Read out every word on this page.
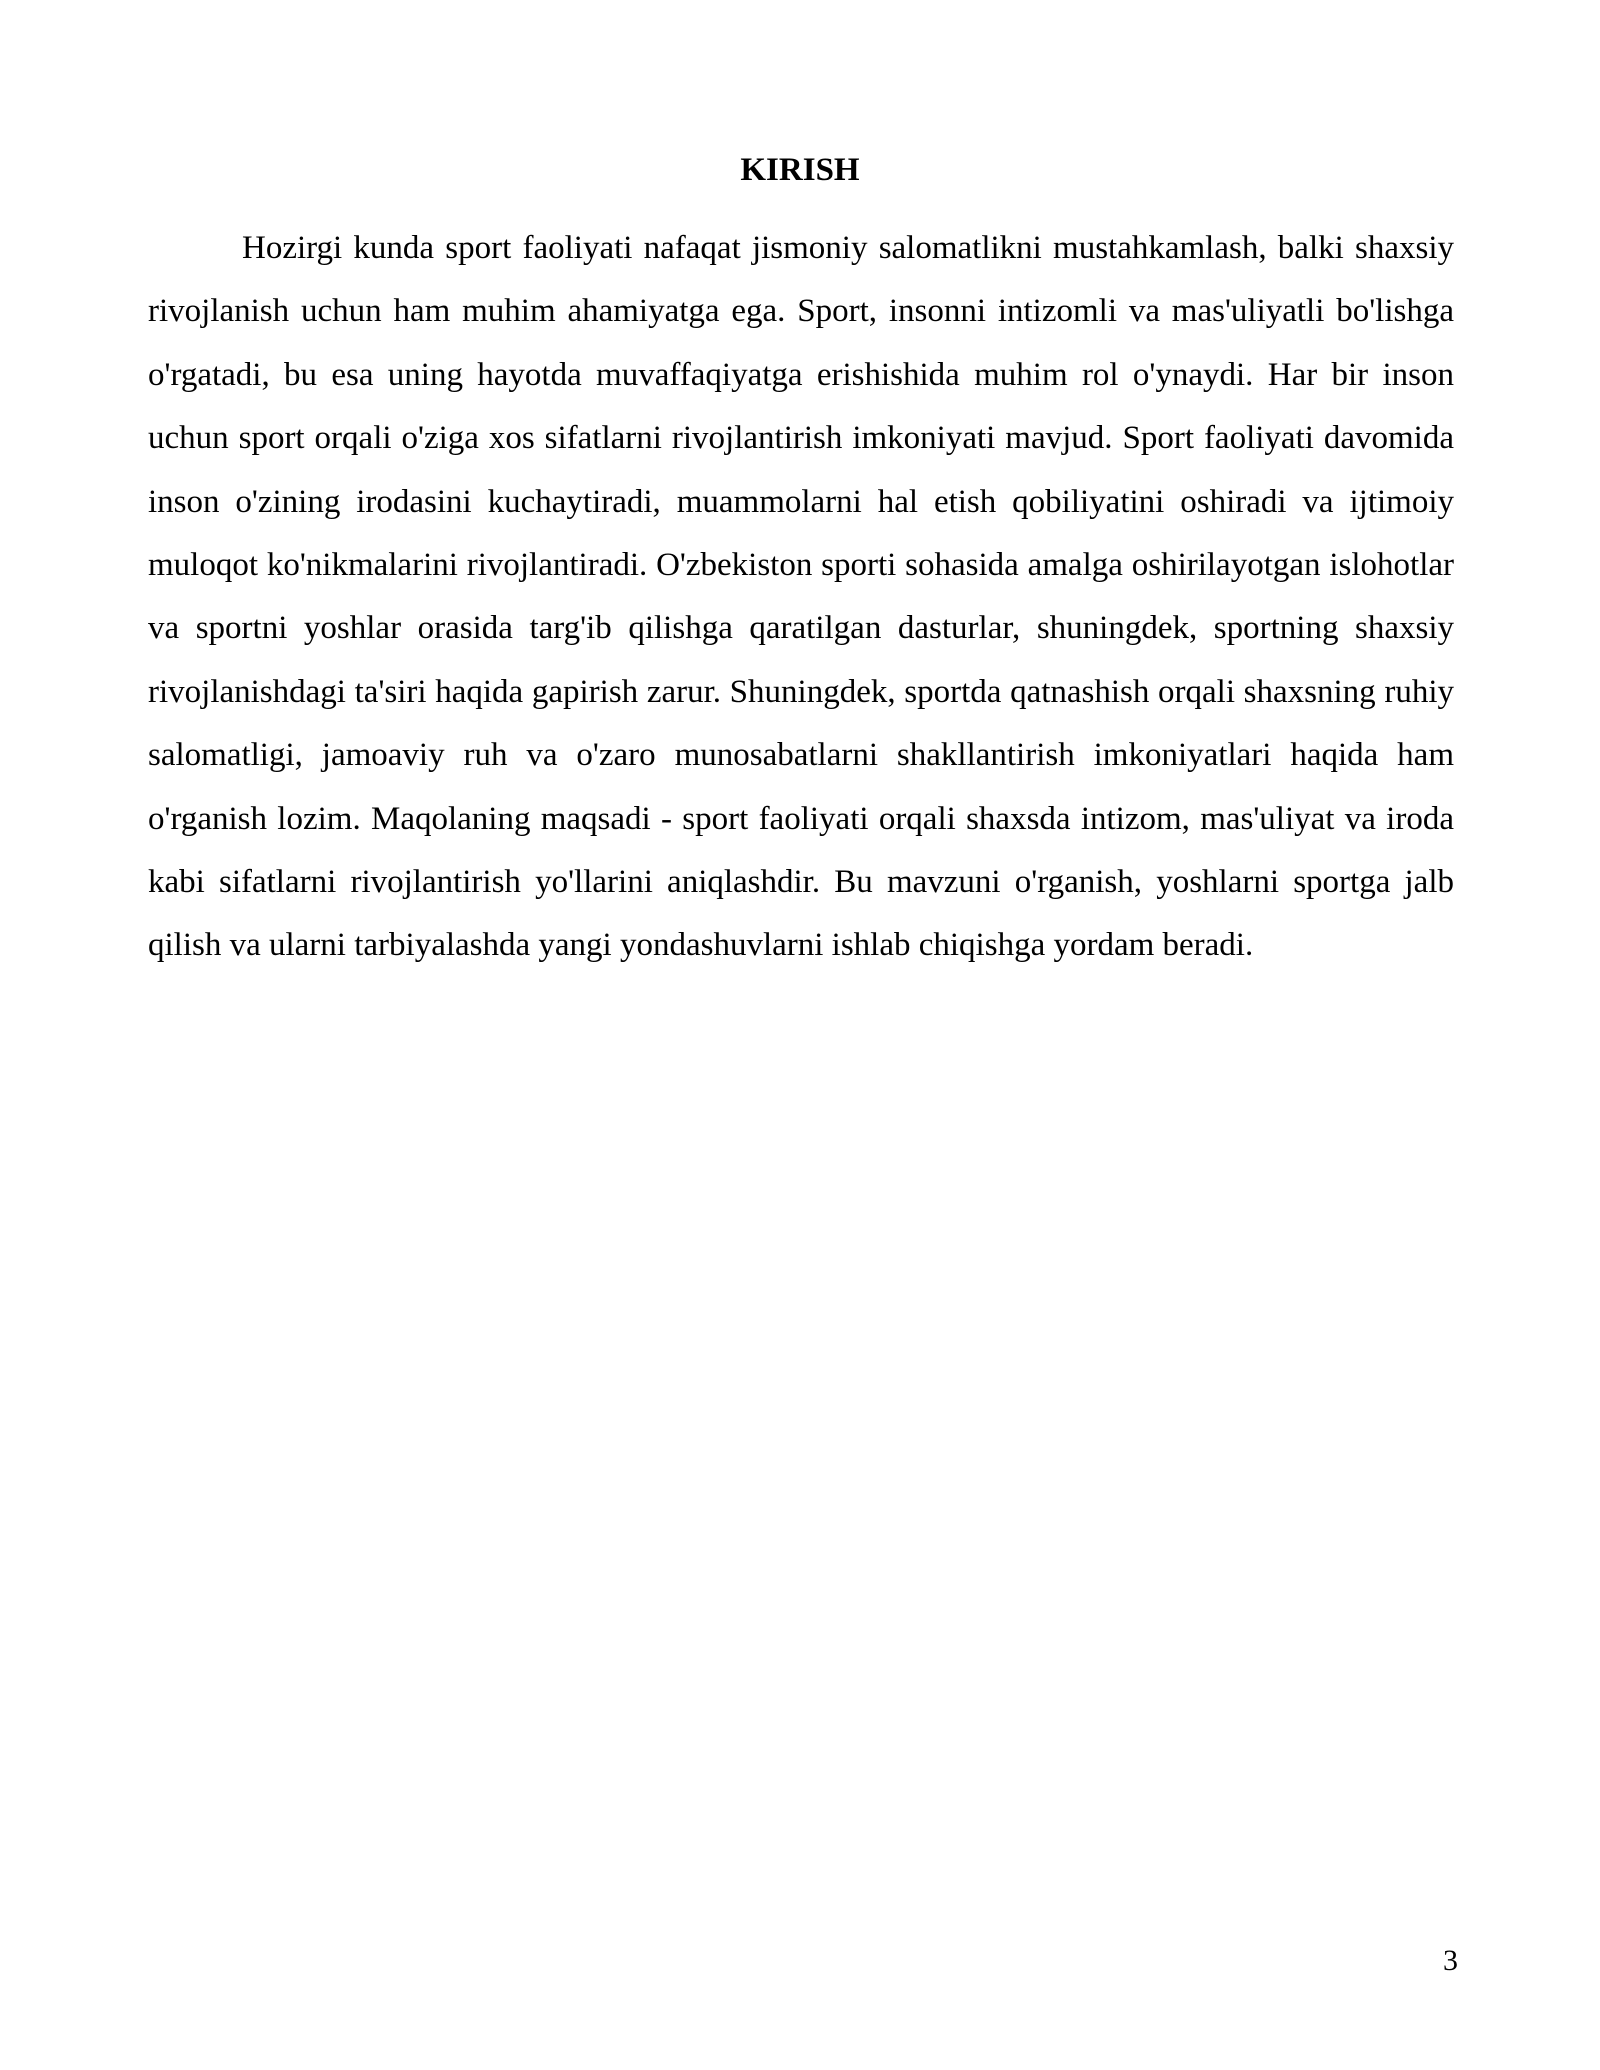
KIRISH

Hozirgi kunda sport faoliyati nafaqat jismoniy salomatlikni mustahkamlash, balki shaxsiy rivojlanish uchun ham muhim ahamiyatga ega. Sport, insonni intizomli va mas'uliyatli bo'lishga o'rgatadi, bu esa uning hayotda muvaffaqiyatga erishishida muhim rol o'ynaydi. Har bir inson uchun sport orqali o'ziga xos sifatlarni rivojlantirish imkoniyati mavjud. Sport faoliyati davomida inson o'zining irodasini kuchaytiradi, muammolarni hal etish qobiliyatini oshiradi va ijtimoiy muloqot ko'nikmalarini rivojlantiradi. O'zbekiston sporti sohasida amalga oshirilayotgan islohotlar va sportni yoshlar orasida targ'ib qilishga qaratilgan dasturlar, shuningdek, sportning shaxsiy rivojlanishdagi ta'siri haqida gapirish zarur. Shuningdek, sportda qatnashish orqali shaxsning ruhiy salomatligi, jamoaviy ruh va o'zaro munosabatlarni shakllantirish imkoniyatlari haqida ham o'rganish lozim. Maqolaning maqsadi - sport faoliyati orqali shaxsda intizom, mas'uliyat va iroda kabi sifatlarni rivojlantirish yo'llarini aniqlashdir. Bu mavzuni o'rganish, yoshlarni sportga jalb qilish va ularni tarbiyalashda yangi yondashuvlarni ishlab chiqishga yordam beradi.

3
